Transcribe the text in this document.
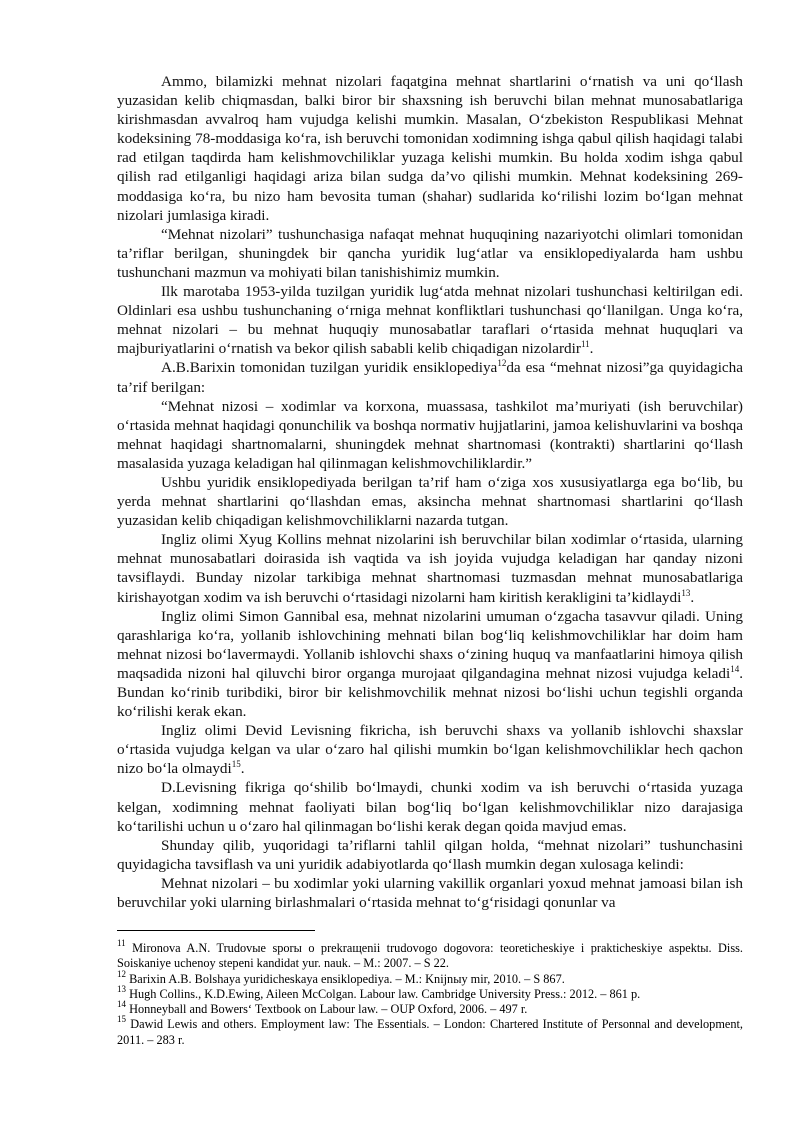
Ammo, bilamizki mehnat nizolari faqatgina mehnat shartlarini o‘rnatish va uni qo‘llash yuzasidan kelib chiqmasdan, balki biror bir shaxsning ish beruvchi bilan mehnat munosabatlariga kirishmasdan avvalroq ham vujudga kelishi mumkin. Masalan, O‘zbekiston Respublikasi Mehnat kodeksining 78-moddasiga ko‘ra, ish beruvchi tomonidan xodimning ishga qabul qilish haqidagi talabi rad etilgan taqdirda ham kelishmovchiliklar yuzaga kelishi mumkin. Bu holda xodim ishga qabul qilish rad etilganligi haqidagi ariza bilan sudga da’vo qilishi mumkin. Mehnat kodeksining 269-moddasiga ko‘ra, bu nizo ham bevosita tuman (shahar) sudlarida ko‘rilishi lozim bo‘lgan mehnat nizolari jumlasiga kiradi.

“Mehnat nizolari” tushunchasiga nafaqat mehnat huquqining nazariyotchi olimlari tomonidan ta’riflar berilgan, shuningdek bir qancha yuridik lug‘atlar va ensiklopediyalarda ham ushbu tushunchani mazmun va mohiyati bilan tanishishimiz mumkin.

Ilk marotaba 1953-yilda tuzilgan yuridik lug‘atda mehnat nizolari tushunchasi keltirilgan edi. Oldinlari esa ushbu tushunchaning o‘rniga mehnat konfliktlari tushunchasi qo‘llanilgan. Unga ko‘ra, mehnat nizolari – bu mehnat huquqiy munosabatlar taraflari o‘rtasida mehnat huquqlari va majburiyatlarini o‘rnatish va bekor qilish sababli kelib chiqadigan nizolardir$^{11}$.

A.B.Barixin tomonidan tuzilgan yuridik ensiklopediya$^{12}$da esa “mehnat nizosi”ga quyidagicha ta’rif berilgan:

“Mehnat nizosi – xodimlar va korxona, muassasa, tashkilot ma’muriyati (ish beruvchilar) o‘rtasida mehnat haqidagi qonunchilik va boshqa normativ hujjatlarini, jamoa kelishuvlarini va boshqa mehnat haqidagi shartnomalarni, shuningdek mehnat shartnomasi (kontrakti) shartlarini qo‘llash masalasida yuzaga keladigan hal qilinmagan kelishmovchiliklardir.”

Ushbu yuridik ensiklopediyada berilgan ta’rif ham o‘ziga xos xususiyatlarga ega bo‘lib, bu yerda mehnat shartlarini qo‘llashdan emas, aksincha mehnat shartnomasi shartlarini qo‘llash yuzasidan kelib chiqadigan kelishmovchiliklarni nazarda tutgan.

Ingliz olimi Xyug Kollins mehnat nizolarini ish beruvchilar bilan xodimlar o‘rtasida, ularning mehnat munosabatlari doirasida ish vaqtida va ish joyida vujudga keladigan har qanday nizoni tavsiflaydi. Bunday nizolar tarkibiga mehnat shartnomasi tuzmasdan mehnat munosabatlariga kirishayotgan xodim va ish beruvchi o‘rtasidagi nizolarni ham kiritish kerakligini ta’kidlaydi$^{13}$.

Ingliz olimi Simon Gannibal esa, mehnat nizolarini umuman o‘zgacha tasavvur qiladi. Uning qarashlariga ko‘ra, yollanib ishlovchining mehnati bilan bog‘liq kelishmovchiliklar har doim ham mehnat nizosi bo‘lavermaydi. Yollanib ishlovchi shaxs o‘zining huquq va manfaatlarini himoya qilish maqsadida nizoni hal qiluvchi biror organga murojaat qilgandagina mehnat nizosi vujudga keladi$^{14}$. Bundan ko‘rinib turibdiki, biror bir kelishmovchilik mehnat nizosi bo‘lishi uchun tegishli organda ko‘rilishi kerak ekan.

Ingliz olimi Devid Levisning fikricha, ish beruvchi shaxs va yollanib ishlovchi shaxslar o‘rtasida vujudga kelgan va ular o‘zaro hal qilishi mumkin bo‘lgan kelishmovchiliklar hech qachon nizo bo‘la olmaydi$^{15}$.

D.Levisning fikriga qo‘shilib bo‘lmaydi, chunki xodim va ish beruvchi o‘rtasida yuzaga kelgan, xodimning mehnat faoliyati bilan bog‘liq bo‘lgan kelishmovchiliklar nizo darajasiga ko‘tarilishi uchun u o‘zaro hal qilinmagan bo‘lishi kerak degan qoida mavjud emas.

Shunday qilib, yuqoridagi ta’riflarni tahlil qilgan holda, “mehnat nizolari” tushunchasini quyidagicha tavsiflash va uni yuridik adabiyotlarda qo‘llash mumkin degan xulosaga kelindi:

Mehnat nizolari – bu xodimlar yoki ularning vakillik organlari yoxud mehnat jamoasi bilan ish beruvchilar yoki ularning birlashmalari o‘rtasida mehnat to‘g‘risidagi qonunlar va

$^{11}$ Mironova A.N. Trudovыe sporы o prekraщenii trudovogo dogovora: teoreticheskiye i prakticheskiye aspektы. Diss. Soiskaniye uchenoy stepeni kandidat yur. nauk. – M.: 2007. – S 22.

$^{12}$ Barixin A.B. Bolshaya yuridicheskaya ensiklopediya. – M.: Knijnыy mir, 2010. – S 867.

$^{13}$ Hugh Collins., K.D.Ewing, Aileen McColgan. Labour law. Cambridge University Press.: 2012. – 861 p.

$^{14}$ Honneyball and Bowers‘ Textbook on Labour law. – OUP Oxford, 2006. – 497 r.

$^{15}$ Dawid Lewis and others. Employment law: The Essentials. – London: Chartered Institute of Personnal and development, 2011. – 283 r.
